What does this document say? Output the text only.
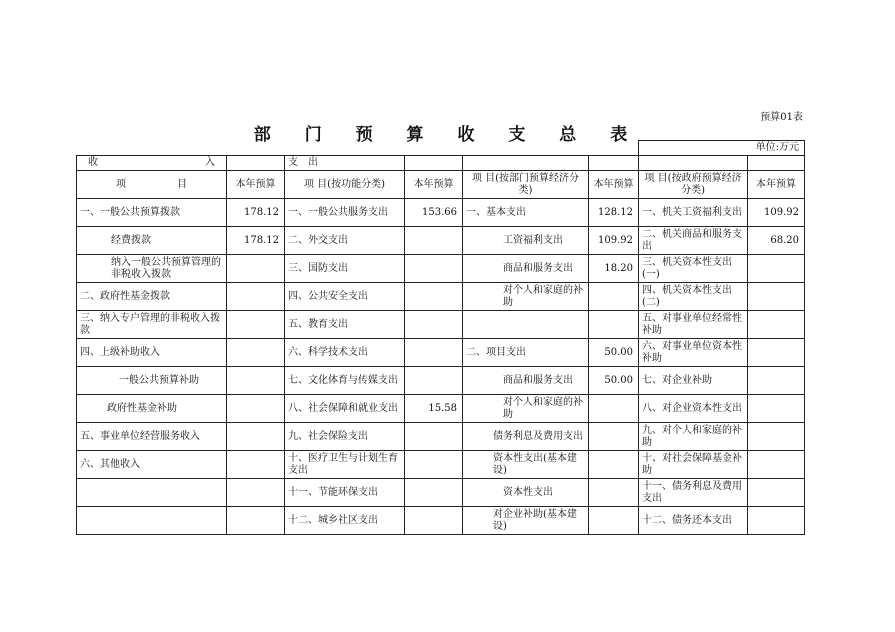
预算01表
部 门 预 算 收 支 总 表
						单位:万元	

收 入		支　出					

项 目	本年预算	项 目(按功能分类)	本年预算	项 目(按部门预算经济分类)	本年预算	项 目(按政府预算经济分类)	本年预算
一、一般公共预算拨款	178.12	一、一般公共服务支出	153.66	一、基本支出	128.12	一、机关工资福利支出	109.92
经费拨款	178.12	二、外交支出		工资福利支出	109.92	二、机关商品和服务支出	68.20
纳入一般公共预算管理的非税收入拨款		三、国防支出		商品和服务支出	18.20	三、机关资本性支出(一)	
二、政府性基金拨款		四、公共安全支出		对个人和家庭的补助		四、机关资本性支出(二)	
三、纳入专户管理的非税收入拨款		五、教育支出				五、对事业单位经常性补助	
四、上级补助收入		六、科学技术支出		二、项目支出	50.00	六、对事业单位资本性补助	
一般公共预算补助		七、文化体育与传媒支出		商品和服务支出	50.00	七、对企业补助	
政府性基金补助		八、社会保障和就业支出	15.58	对个人和家庭的补助		八、对企业资本性支出	
五、事业单位经营服务收入		九、社会保险支出		债务利息及费用支出		九、对个人和家庭的补助	
六、其他收入		十、医疗卫生与计划生育支出		资本性支出(基本建设)		十、对社会保障基金补助	
		十一、节能环保支出		资本性支出		十一、债务利息及费用支出	
		十二、城乡社区支出		对企业补助(基本建设)		十二、债务还本支出	
